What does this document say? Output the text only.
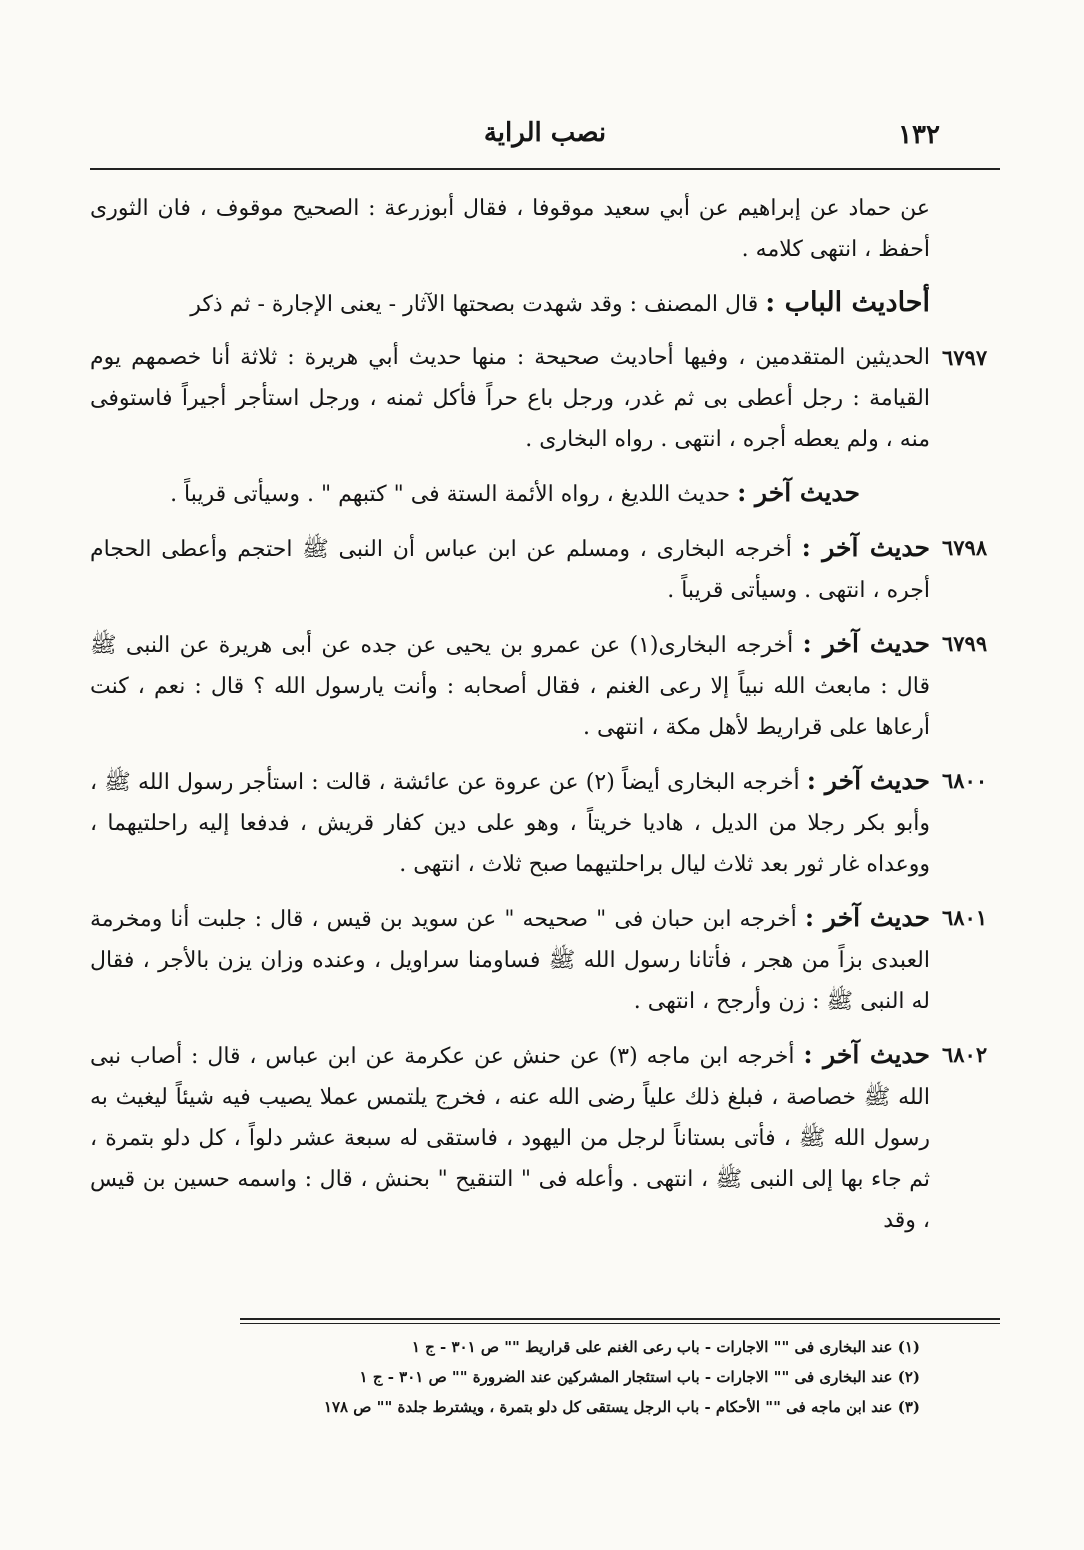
١٣٢
نصب الراية

عن حماد عن إبراهيم عن أبي سعيد موقوفا ، فقال أبوزرعة : الصحيح موقوف ، فان الثورى أحفظ ، انتهى كلامه .

أحاديث الباب : قال المصنف : وقد شهدت بصحتها الآثار - يعنى الإجارة - ثم ذكر

٦٧٩٧
الحديثين المتقدمين ، وفيها أحاديث صحيحة : منها حديث أبي هريرة : ثلاثة أنا خصمهم يوم القيامة : رجل أعطى بى ثم غدر، ورجل باع حراً فأكل ثمنه ، ورجل استأجر أجيراً فاستوفى منه ، ولم يعطه أجره ، انتهى . رواه البخارى .

حديث آخر : حديث اللديغ ، رواه الأئمة الستة فى " كتبهم " . وسيأتى قريباً .

٦٧٩٨
حديث آخر : أخرجه البخارى ، ومسلم عن ابن عباس أن النبى ﷺ احتجم وأعطى الحجام أجره ، انتهى . وسيأتى قريباً .

٦٧٩٩
حديث آخر : أخرجه البخارى(١) عن عمرو بن يحيى عن جده عن أبى هريرة عن النبى ﷺ قال : مابعث الله نبياً إلا رعى الغنم ، فقال أصحابه : وأنت يارسول الله ؟ قال : نعم ، كنت أرعاها على قراريط لأهل مكة ، انتهى .

٦٨٠٠
حديث آخر : أخرجه البخارى أيضاً (٢) عن عروة عن عائشة ، قالت : استأجر رسول الله ﷺ ، وأبو بكر رجلا من الديل ، هاديا خريتاً ، وهو على دين كفار قريش ، فدفعا إليه راحلتيهما ، ووعداه غار ثور بعد ثلاث ليال براحلتيهما صبح ثلاث ، انتهى .

٦٨٠١
حديث آخر : أخرجه ابن حبان فى " صحيحه " عن سويد بن قيس ، قال : جلبت أنا ومخرمة العبدى بزاً من هجر ، فأتانا رسول الله ﷺ فساومنا سراويل ، وعنده وزان يزن بالأجر ، فقال له النبى ﷺ : زن وأرجح ، انتهى .

٦٨٠٢
حديث آخر : أخرجه ابن ماجه (٣) عن حنش عن عكرمة عن ابن عباس ، قال : أصاب نبى الله ﷺ خصاصة ، فبلغ ذلك علياً رضى الله عنه ، فخرج يلتمس عملا يصيب فيه شيئاً ليغيث به رسول الله ﷺ ، فأتى بستاناً لرجل من اليهود ، فاستقى له سبعة عشر دلواً ، كل دلو بتمرة ، ثم جاء بها إلى النبى ﷺ ، انتهى . وأعله فى " التنقيح " بحنش ، قال : واسمه حسين بن قيس ، وقد

(١) عند البخارى فى "" الاجارات - باب رعى الغنم على قراريط "" ص ٣٠١ - ج ١

(٢) عند البخارى فى "" الاجارات - باب استئجار المشركين عند الضرورة "" ص ٣٠١ - ج ١

(٣) عند ابن ماجه فى "" الأحكام - باب الرجل يستقى كل دلو بتمرة ، ويشترط جلدة "" ص ١٧٨
